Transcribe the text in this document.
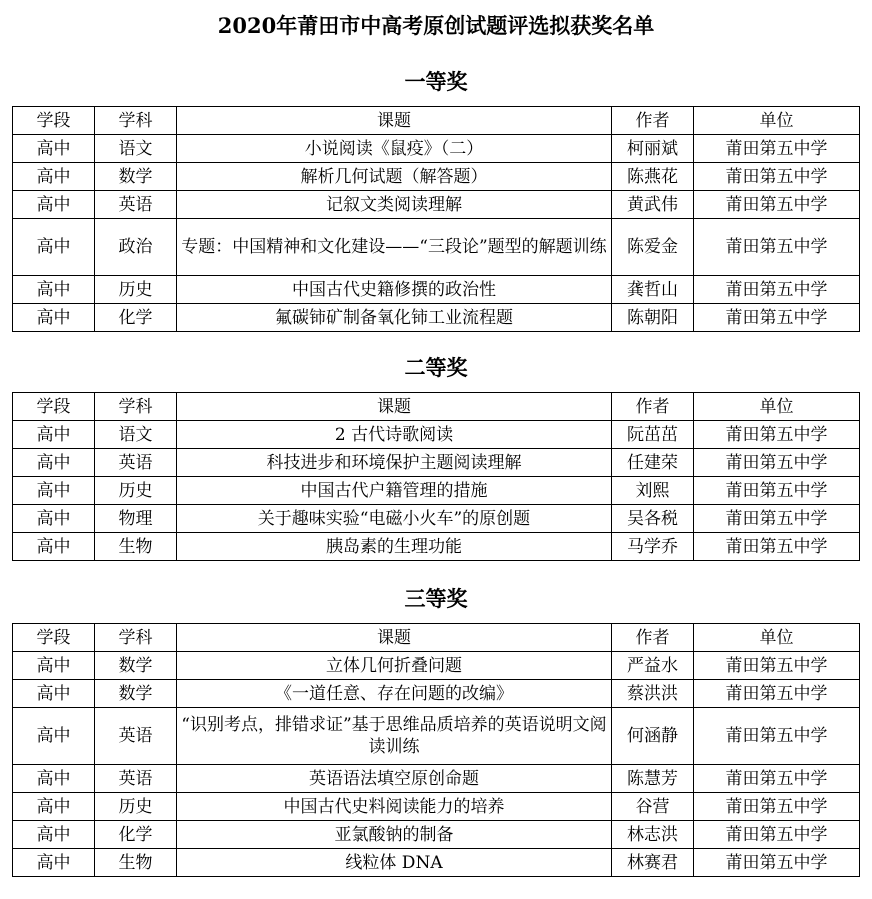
2020年莆田市中高考原创试题评选拟获奖名单
一等奖
学段	学科	课题	作者	单位
高中	语文	小说阅读《鼠疫》（二）	柯丽斌	莆田第五中学
高中	数学	解析几何试题（解答题）	陈燕花	莆田第五中学
高中	英语	记叙文类阅读理解	黄武伟	莆田第五中学
高中	政治	专题：中国精神和文化建设——“三段论”题型的解题训练	陈爱金	莆田第五中学
高中	历史	中国古代史籍修撰的政治性	龚哲山	莆田第五中学
高中	化学	氟碳铈矿制备氧化铈工业流程题	陈朝阳	莆田第五中学
二等奖
学段	学科	课题	作者	单位
高中	语文	2 古代诗歌阅读	阮茁茁	莆田第五中学
高中	英语	科技进步和环境保护主题阅读理解	任建荣	莆田第五中学
高中	历史	中国古代户籍管理的措施	刘熙	莆田第五中学
高中	物理	关于趣味实验“电磁小火车”的原创题	吴各税	莆田第五中学
高中	生物	胰岛素的生理功能	马学乔	莆田第五中学
三等奖
学段	学科	课题	作者	单位
高中	数学	立体几何折叠问题	严益水	莆田第五中学
高中	数学	《一道任意、存在问题的改编》	蔡洪洪	莆田第五中学
高中	英语	“识别考点，排错求证”基于思维品质培养的英语说明文阅读训练	何涵静	莆田第五中学
高中	英语	英语语法填空原创命题	陈慧芳	莆田第五中学
高中	历史	中国古代史料阅读能力的培养	谷营	莆田第五中学
高中	化学	亚氯酸钠的制备	林志洪	莆田第五中学
高中	生物	线粒体 DNA	林赛君	莆田第五中学
